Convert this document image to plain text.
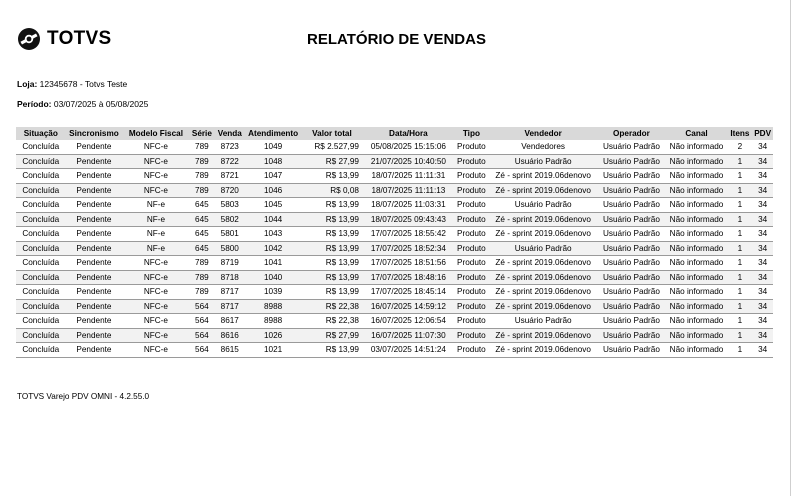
TOTVS	RELATÓRIO DE VENDAS
Loja: 12345678 - Totvs Teste
Período: 03/07/2025 à 05/08/2025
Situação	Sincronismo	Modelo Fiscal	Série	Venda	Atendimento	Valor total	Data/Hora	Tipo	Vendedor	Operador	Canal	Itens	PDV
Concluída	Pendente	NFC-e	789	8723	1049	R$ 2.527,99	05/08/2025 15:15:06	Produto	Vendedores	Usuário Padrão	Não informado	2	34
Concluída	Pendente	NFC-e	789	8722	1048	R$ 27,99	21/07/2025 10:40:50	Produto	Usuário Padrão	Usuário Padrão	Não informado	1	34
Concluída	Pendente	NFC-e	789	8721	1047	R$ 13,99	18/07/2025 11:11:31	Produto	Zé - sprint 2019.06denovo	Usuário Padrão	Não informado	1	34
Concluída	Pendente	NFC-e	789	8720	1046	R$ 0,08	18/07/2025 11:11:13	Produto	Zé - sprint 2019.06denovo	Usuário Padrão	Não informado	1	34
Concluída	Pendente	NF-e	645	5803	1045	R$ 13,99	18/07/2025 11:03:31	Produto	Usuário Padrão	Usuário Padrão	Não informado	1	34
Concluída	Pendente	NF-e	645	5802	1044	R$ 13,99	18/07/2025 09:43:43	Produto	Zé - sprint 2019.06denovo	Usuário Padrão	Não informado	1	34
Concluída	Pendente	NF-e	645	5801	1043	R$ 13,99	17/07/2025 18:55:42	Produto	Zé - sprint 2019.06denovo	Usuário Padrão	Não informado	1	34
Concluída	Pendente	NF-e	645	5800	1042	R$ 13,99	17/07/2025 18:52:34	Produto	Usuário Padrão	Usuário Padrão	Não informado	1	34
Concluída	Pendente	NFC-e	789	8719	1041	R$ 13,99	17/07/2025 18:51:56	Produto	Zé - sprint 2019.06denovo	Usuário Padrão	Não informado	1	34
Concluída	Pendente	NFC-e	789	8718	1040	R$ 13,99	17/07/2025 18:48:16	Produto	Zé - sprint 2019.06denovo	Usuário Padrão	Não informado	1	34
Concluída	Pendente	NFC-e	789	8717	1039	R$ 13,99	17/07/2025 18:45:14	Produto	Zé - sprint 2019.06denovo	Usuário Padrão	Não informado	1	34
Concluída	Pendente	NFC-e	564	8717	8988	R$ 22,38	16/07/2025 14:59:12	Produto	Zé - sprint 2019.06denovo	Usuário Padrão	Não informado	1	34
Concluída	Pendente	NFC-e	564	8617	8988	R$ 22,38	16/07/2025 12:06:54	Produto	Usuário Padrão	Usuário Padrão	Não informado	1	34
Concluída	Pendente	NFC-e	564	8616	1026	R$ 27,99	16/07/2025 11:07:30	Produto	Zé - sprint 2019.06denovo	Usuário Padrão	Não informado	1	34
Concluída	Pendente	NFC-e	564	8615	1021	R$ 13,99	03/07/2025 14:51:24	Produto	Zé - sprint 2019.06denovo	Usuário Padrão	Não informado	1	34
TOTVS Varejo PDV OMNI - 4.2.55.0
